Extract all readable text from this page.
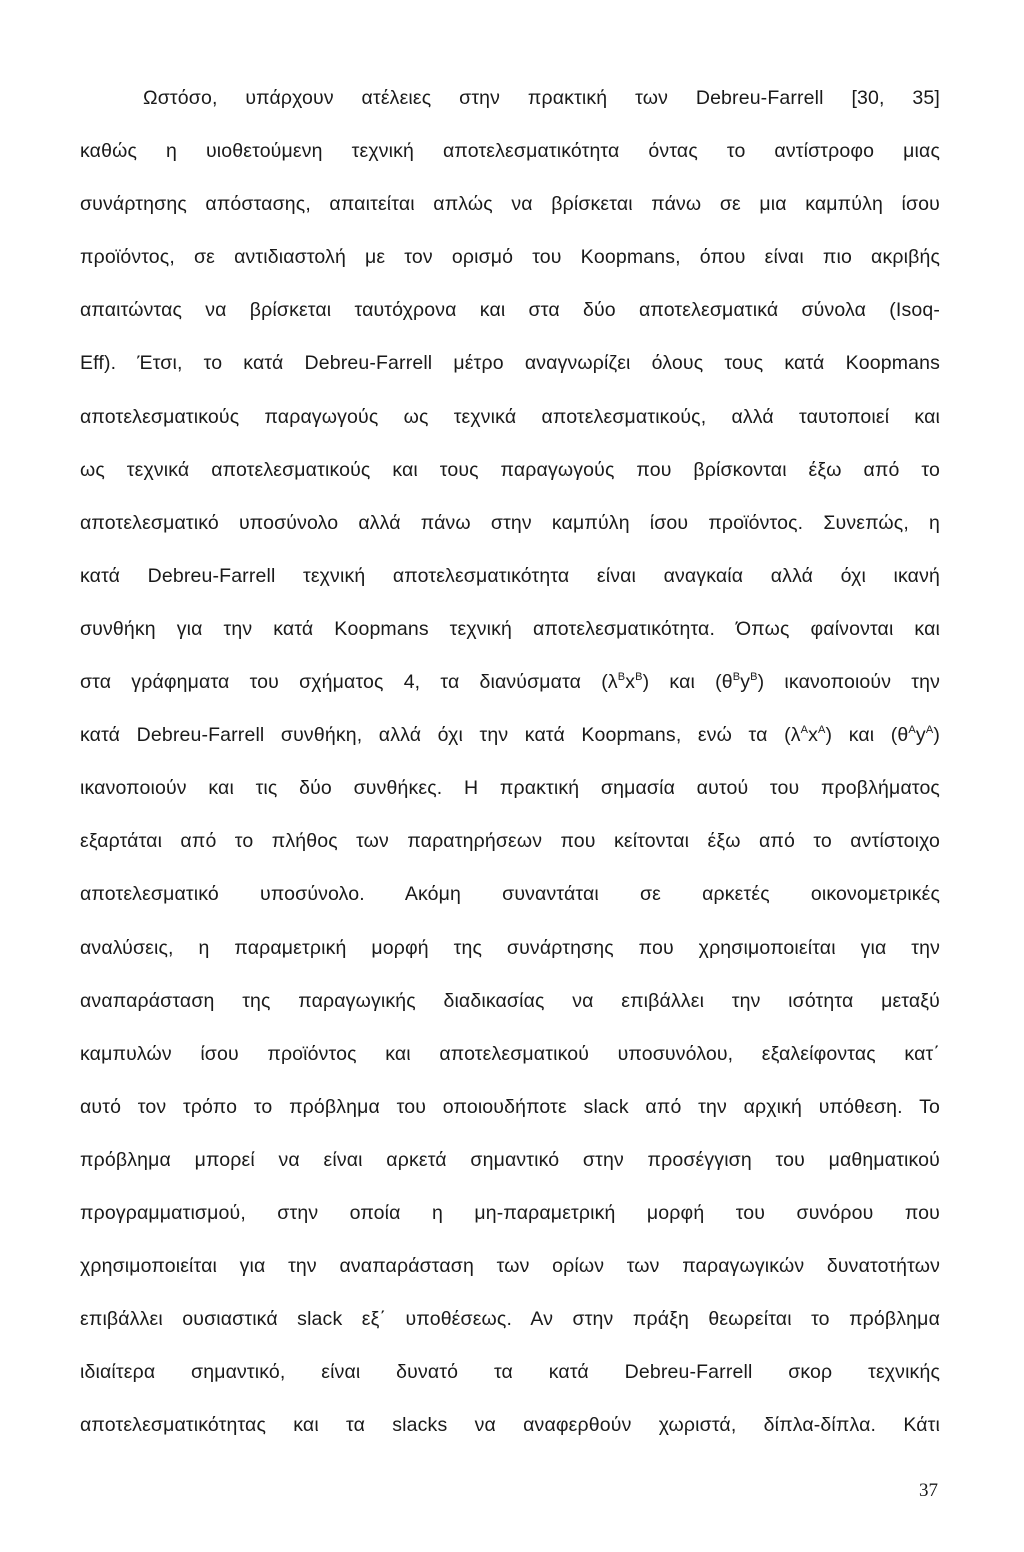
Ωστόσο, υπάρχουν ατέλειες στην πρακτική των Debreu-Farrell [30, 35]
καθώς η υιοθετούμενη τεχνική αποτελεσματικότητα όντας το αντίστροφο μιας
συνάρτησης απόστασης, απαιτείται απλώς να βρίσκεται πάνω σε μια καμπύλη ίσου
προϊόντος, σε αντιδιαστολή με τον ορισμό του Koopmans, όπου είναι πιο ακριβής
απαιτώντας να βρίσκεται ταυτόχρονα και στα δύο αποτελεσματικά σύνολα (Isoq-
Eff). Έτσι, το κατά Debreu-Farrell μέτρο αναγνωρίζει όλους τους κατά Koopmans
αποτελεσματικούς παραγωγούς ως τεχνικά αποτελεσματικούς, αλλά ταυτοποιεί και
ως τεχνικά αποτελεσματικούς και τους παραγωγούς που βρίσκονται έξω από το
αποτελεσματικό υποσύνολο αλλά πάνω στην καμπύλη ίσου προϊόντος. Συνεπώς, η
κατά Debreu-Farrell τεχνική αποτελεσματικότητα είναι αναγκαία αλλά όχι ικανή
συνθήκη για την κατά Koopmans τεχνική αποτελεσματικότητα. Όπως φαίνονται και
στα γράφηματα του σχήματος 4, τα διανύσματα $(\lambda^Bx^B)$ και $(\theta^By^B)$ ικανοποιούν την
κατά Debreu-Farrell συνθήκη, αλλά όχι την κατά Koopmans, ενώ τα $(\lambda^Ax^A)$ και $(\theta^Ay^A)$
ικανοποιούν και τις δύο συνθήκες. Η πρακτική σημασία αυτού του προβλήματος
εξαρτάται από το πλήθος των παρατηρήσεων που κείτονται έξω από το αντίστοιχο
αποτελεσματικό υποσύνολο. Ακόμη συναντάται σε αρκετές οικονομετρικές
αναλύσεις, η παραμετρική μορφή της συνάρτησης που χρησιμοποιείται για την
αναπαράσταση της παραγωγικής διαδικασίας να επιβάλλει την ισότητα μεταξύ
καμπυλών ίσου προϊόντος και αποτελεσματικού υποσυνόλου, εξαλείφοντας κατ΄
αυτό τον τρόπο το πρόβλημα του οποιουδήποτε slack από την αρχική υπόθεση. Το
πρόβλημα μπορεί να είναι αρκετά σημαντικό στην προσέγγιση του μαθηματικού
προγραμματισμού, στην οποία η μη-παραμετρική μορφή του συνόρου που
χρησιμοποιείται για την αναπαράσταση των ορίων των παραγωγικών δυνατοτήτων
επιβάλλει ουσιαστικά slack εξ΄ υποθέσεως. Αν στην πράξη θεωρείται το πρόβλημα
ιδιαίτερα σημαντικό, είναι δυνατό τα κατά Debreu-Farrell σκορ τεχνικής
αποτελεσματικότητας και τα slacks να αναφερθούν χωριστά, δίπλα-δίπλα. Κάτι
37
